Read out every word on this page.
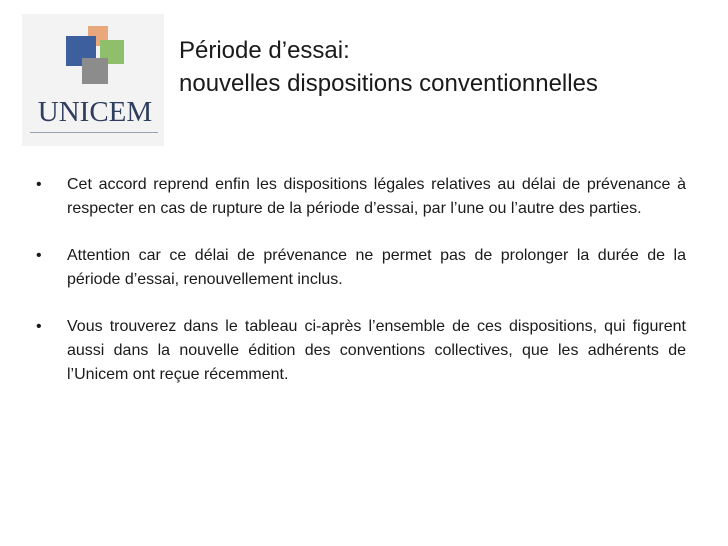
UNICEM
Période d’essai:
nouvelles dispositions conventionnelles
• Cet accord reprend enfin les dispositions légales relatives au délai de prévenance à respecter en cas de rupture de la période d’essai, par l’une ou l’autre des parties.
• Attention car ce délai de prévenance ne permet pas de prolonger la durée de la période d’essai, renouvellement inclus.
• Vous trouverez dans le tableau ci-après l’ensemble de ces dispositions, qui figurent aussi dans la nouvelle édition des conventions collectives, que les adhérents de l’Unicem ont reçue récemment.
